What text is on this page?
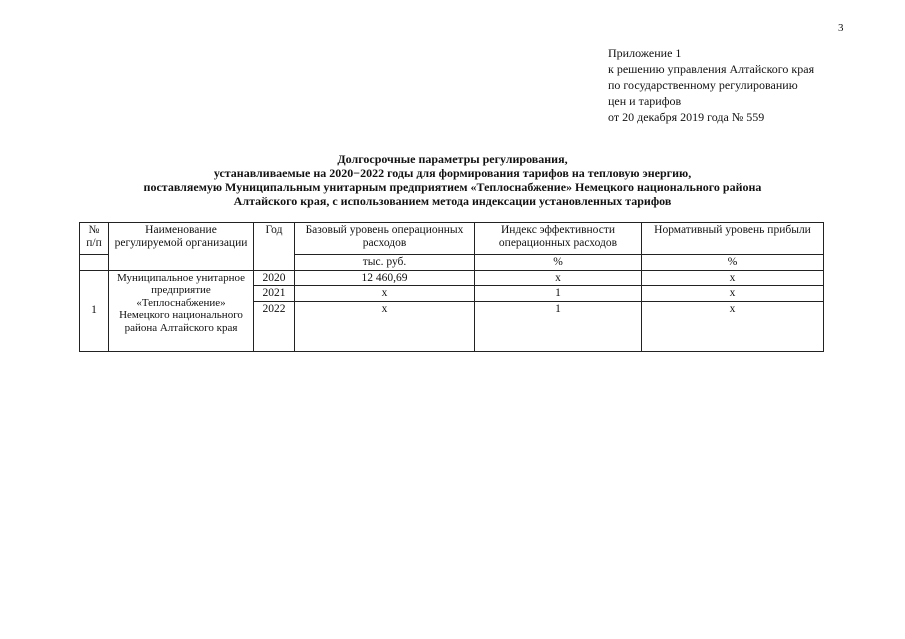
3
Приложение 1
к решению управления Алтайского края
по государственному регулированию
цен и тарифов
от 20 декабря 2019 года № 559
Долгосрочные параметры регулирования,
устанавливаемые на 2020−2022 годы для формирования тарифов на тепловую энергию,
поставляемую Муниципальным унитарным предприятием «Теплоснабжение» Немецкого национального района
Алтайского края, с использованием метода индексации установленных тарифов
№ п/п	Наименование регулируемой организации	Год	Базовый уровень операционных расходов	Индекс эффективности операционных расходов	Нормативный уровень прибыли
			тыс. руб.	%	%
1	Муниципальное унитарное предприятие «Теплоснабжение» Немецкого национального района Алтайского края	2020	12 460,69	х	х
		2021	х	1	х
		2022	х	1	х
